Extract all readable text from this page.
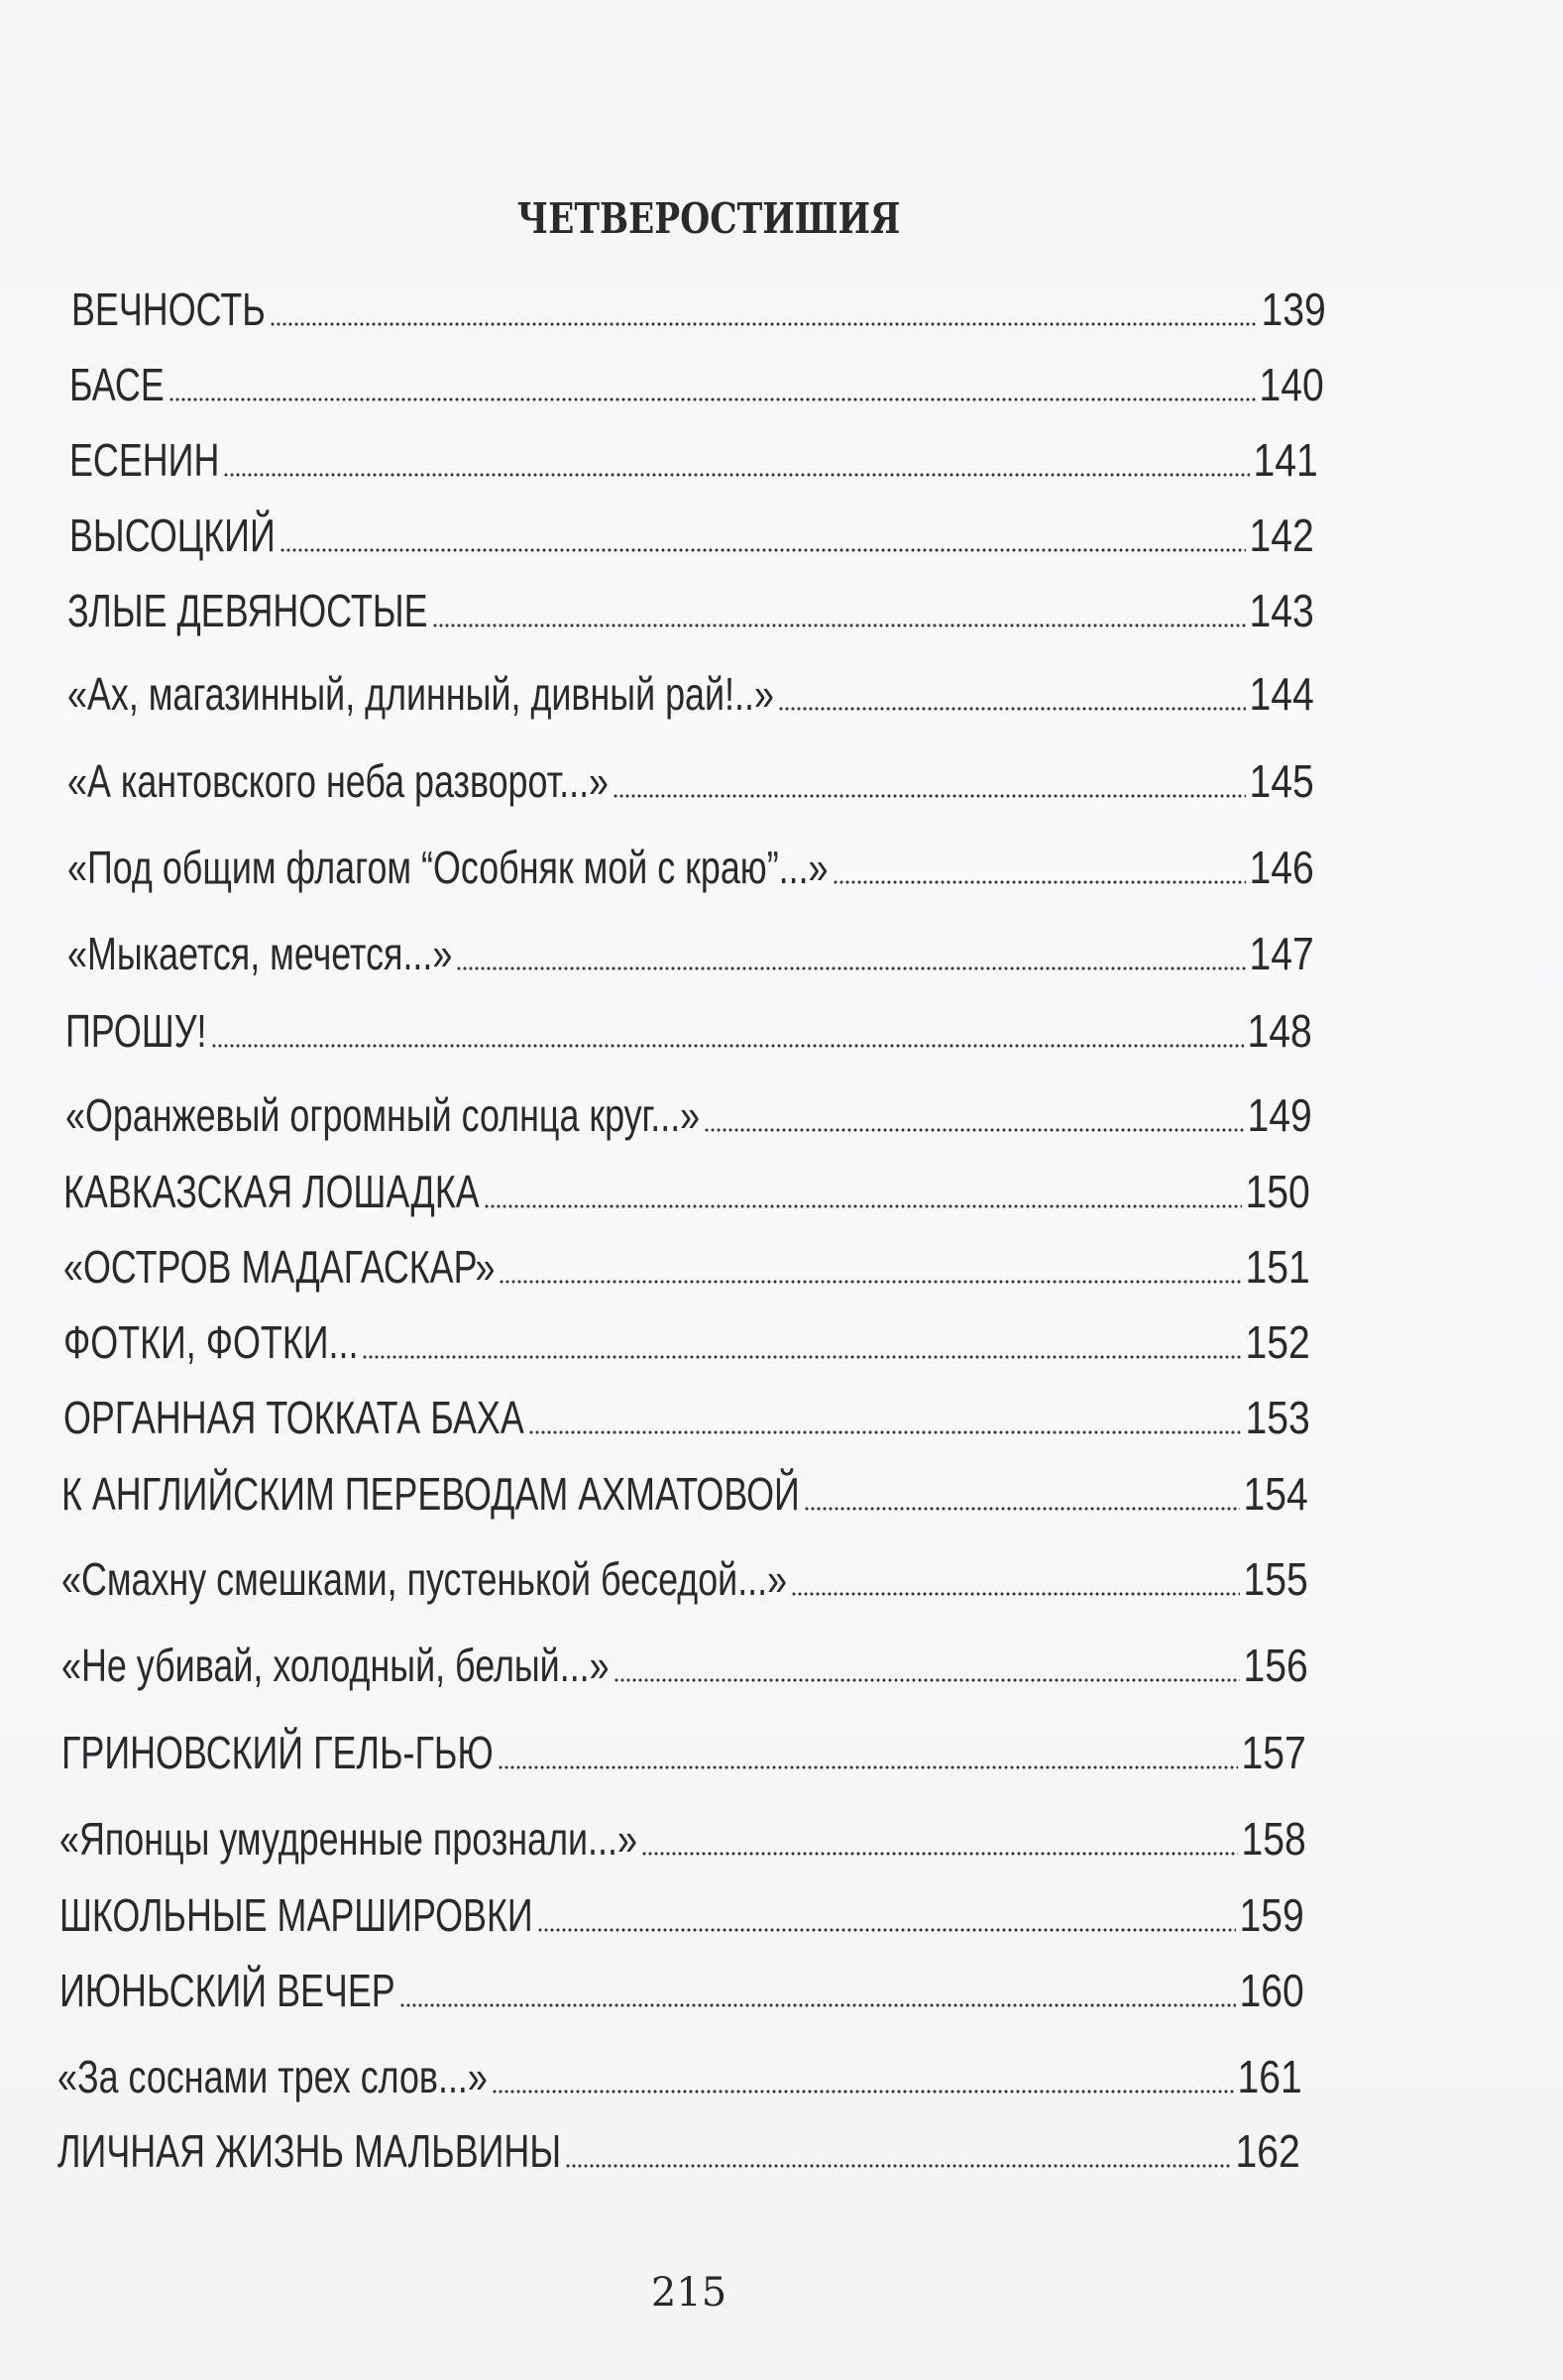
ЧЕТВЕРОСТИШИЯ
ВЕЧНОСТЬ	139
БАСЕ	140
ЕСЕНИН	141
ВЫСОЦКИЙ	142
ЗЛЫЕ ДЕВЯНОСТЫЕ	143
«Ах, магазинный, длинный, дивный рай!..»	144
«А кантовского неба разворот...»	145
«Под общим флагом “Особняк мой с краю”...»	146
«Мыкается, мечется...»	147
ПРОШУ!	148
«Оранжевый огромный солнца круг...»	149
КАВКАЗСКАЯ ЛОШАДКА	150
«ОСТРОВ МАДАГАСКАР»	151
ФОТКИ, ФОТКИ...	152
ОРГАННАЯ ТОККАТА БАХА	153
К АНГЛИЙСКИМ ПЕРЕВОДАМ АХМАТОВОЙ	154
«Смахну смешками, пустенькой беседой...»	155
«Не убивай, холодный, белый...»	156
ГРИНОВСКИЙ ГЕЛЬ-ГЬЮ	157
«Японцы умудренные прознали...»	158
ШКОЛЬНЫЕ МАРШИРОВКИ	159
ИЮНЬСКИЙ ВЕЧЕР	160
«За соснами трех слов...»	161
ЛИЧНАЯ ЖИЗНЬ МАЛЬВИНЫ	162
215
